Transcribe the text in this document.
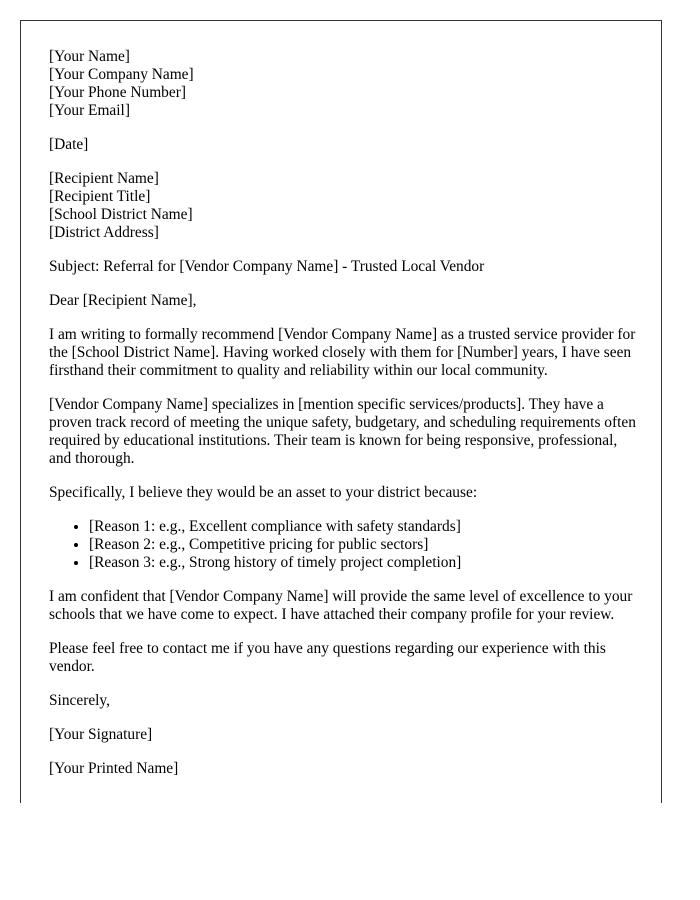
[Your Name]
[Your Company Name]
[Your Phone Number]
[Your Email]
[Date]
[Recipient Name]
[Recipient Title]
[School District Name]
[District Address]

Subject: Referral for [Vendor Company Name] - Trusted Local Vendor

Dear [Recipient Name],

I am writing to formally recommend [Vendor Company Name] as a trusted service provider for the [School District Name]. Having worked closely with them for [Number] years, I have seen firsthand their commitment to quality and reliability within our local community.

[Vendor Company Name] specializes in [mention specific services/products]. They have a proven track record of meeting the unique safety, budgetary, and scheduling requirements often required by educational institutions. Their team is known for being responsive, professional, and thorough.

Specifically, I believe they would be an asset to your district because:

• [Reason 1: e.g., Excellent compliance with safety standards]
• [Reason 2: e.g., Competitive pricing for public sectors]
• [Reason 3: e.g., Strong history of timely project completion]

I am confident that [Vendor Company Name] will provide the same level of excellence to your schools that we have come to expect. I have attached their company profile for your review.

Please feel free to contact me if you have any questions regarding our experience with this vendor.

Sincerely,

[Your Signature]

[Your Printed Name]
